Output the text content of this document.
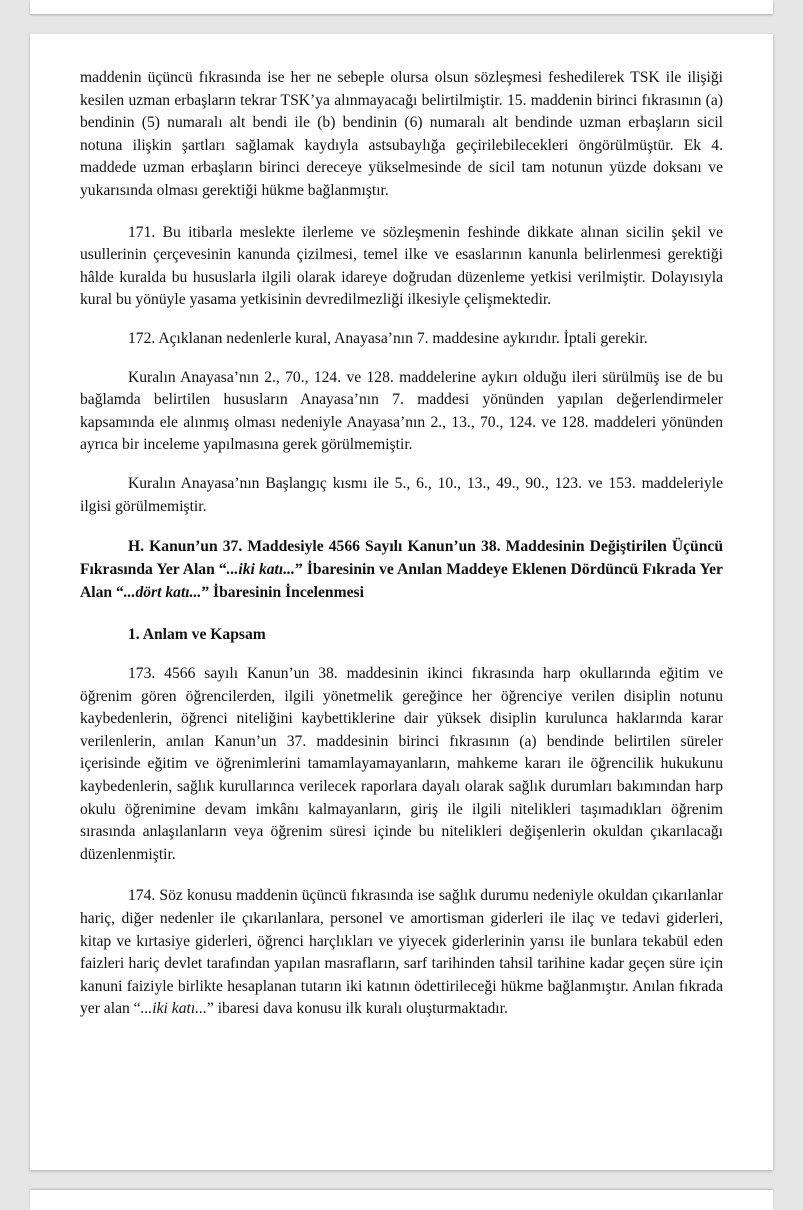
maddenin üçüncü fıkrasında ise her ne sebeple olursa olsun sözleşmesi feshedilerek TSK ile ilişiği kesilen uzman erbaşların tekrar TSK’ya alınmayacağı belirtilmiştir. 15. maddenin birinci fıkrasının (a) bendinin (5) numaralı alt bendi ile (b) bendinin (6) numaralı alt bendinde uzman erbaşların sicil notuna ilişkin şartları sağlamak kaydıyla astsubaylığa geçirilebilecekleri öngörülmüştür. Ek 4. maddede uzman erbaşların birinci dereceye yükselmesinde de sicil tam notunun yüzde doksanı ve yukarısında olması gerektiği hükme bağlanmıştır.

171. Bu itibarla meslekte ilerleme ve sözleşmenin feshinde dikkate alınan sicilin şekil ve usullerinin çerçevesinin kanunda çizilmesi, temel ilke ve esaslarının kanunla belirlenmesi gerektiği hâlde kuralda bu hususlarla ilgili olarak idareye doğrudan düzenleme yetkisi verilmiştir. Dolayısıyla kural bu yönüyle yasama yetkisinin devredilmezliği ilkesiyle çelişmektedir.

172. Açıklanan nedenlerle kural, Anayasa’nın 7. maddesine aykırıdır. İptali gerekir.

Kuralın Anayasa’nın 2., 70., 124. ve 128. maddelerine aykırı olduğu ileri sürülmüş ise de bu bağlamda belirtilen hususların Anayasa’nın 7. maddesi yönünden yapılan değerlendirmeler kapsamında ele alınmış olması nedeniyle Anayasa’nın 2., 13., 70., 124. ve 128. maddeleri yönünden ayrıca bir inceleme yapılmasına gerek görülmemiştir.

Kuralın Anayasa’nın Başlangıç kısmı ile 5., 6., 10., 13., 49., 90., 123. ve 153. maddeleriyle ilgisi görülmemiştir.

H. Kanun’un 37. Maddesiyle 4566 Sayılı Kanun’un 38. Maddesinin Değiştirilen Üçüncü Fıkrasında Yer Alan “...iki katı...” İbaresinin ve Anılan Maddeye Eklenen Dördüncü Fıkrada Yer Alan “...dört katı...” İbaresinin İncelenmesi
1. Anlam ve Kapsam

173. 4566 sayılı Kanun’un 38. maddesinin ikinci fıkrasında harp okullarında eğitim ve öğrenim gören öğrencilerden, ilgili yönetmelik gereğince her öğrenciye verilen disiplin notunu kaybedenlerin, öğrenci niteliğini kaybettiklerine dair yüksek disiplin kurulunca haklarında karar verilenlerin, anılan Kanun’un 37. maddesinin birinci fıkrasının (a) bendinde belirtilen süreler içerisinde eğitim ve öğrenimlerini tamamlayamayanların, mahkeme kararı ile öğrencilik hukukunu kaybedenlerin, sağlık kurullarınca verilecek raporlara dayalı olarak sağlık durumları bakımından harp okulu öğrenimine devam imkânı kalmayanların, giriş ile ilgili nitelikleri taşımadıkları öğrenim sırasında anlaşılanların veya öğrenim süresi içinde bu nitelikleri değişenlerin okuldan çıkarılacağı düzenlenmiştir.

174. Söz konusu maddenin üçüncü fıkrasında ise sağlık durumu nedeniyle okuldan çıkarılanlar hariç, diğer nedenler ile çıkarılanlara, personel ve amortisman giderleri ile ilaç ve tedavi giderleri, kitap ve kırtasiye giderleri, öğrenci harçlıkları ve yiyecek giderlerinin yarısı ile bunlara tekabül eden faizleri hariç devlet tarafından yapılan masrafların, sarf tarihinden tahsil tarihine kadar geçen süre için kanuni faiziyle birlikte hesaplanan tutarın iki katının ödettirileceği hükme bağlanmıştır. Anılan fıkrada yer alan “...iki katı...” ibaresi dava konusu ilk kuralı oluşturmaktadır.
